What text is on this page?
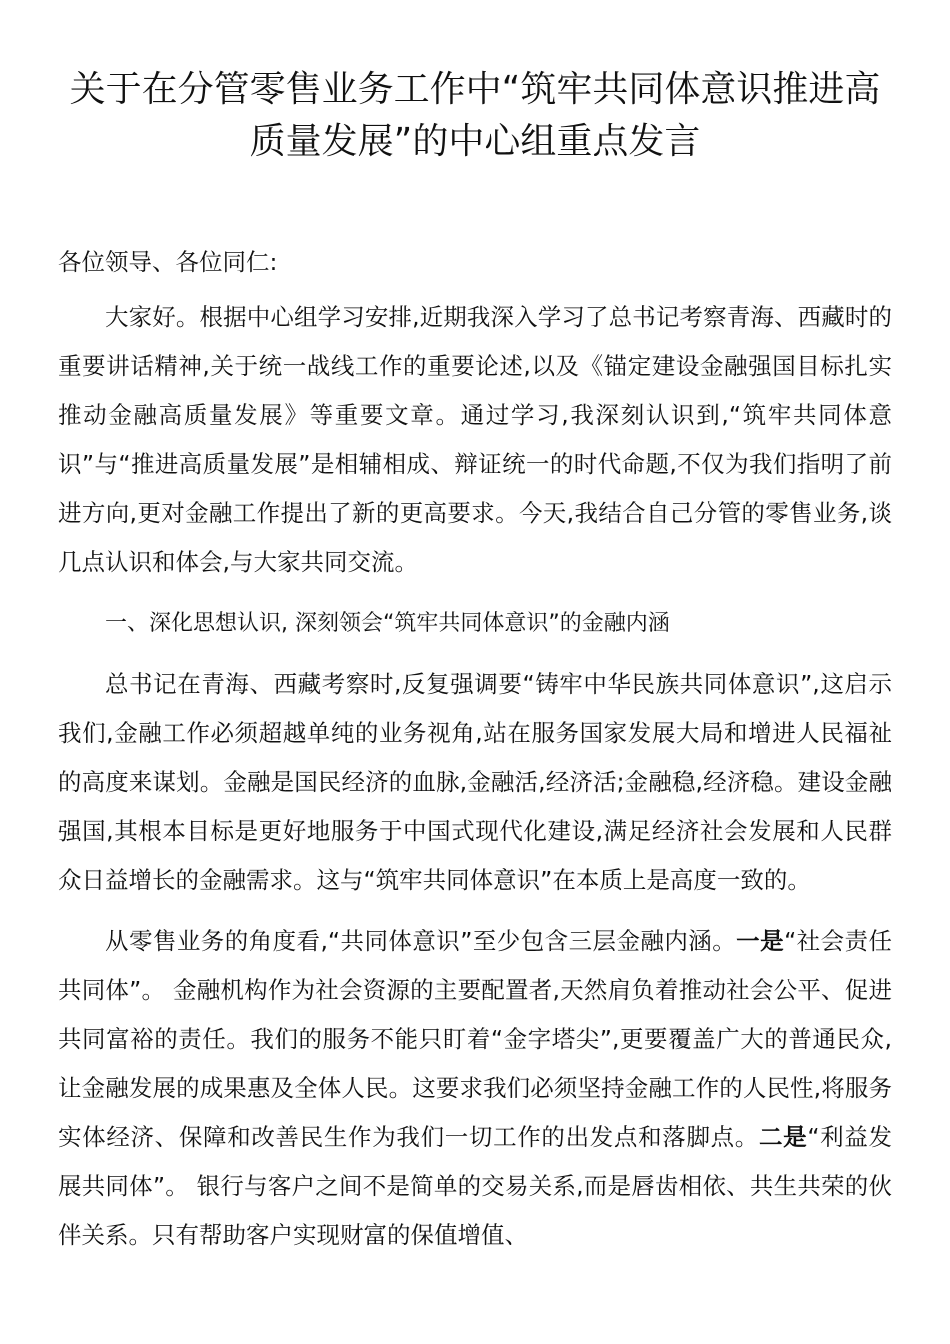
关于在分管零售业务工作中“筑牢共同体意识推进高质量发展”的中心组重点发言

各位领导、各位同仁:

大家好。根据中心组学习安排,近期我深入学习了总书记考察青海、西藏时的重要讲话精神,关于统一战线工作的重要论述,以及《锚定建设金融强国目标扎实推动金融高质量发展》等重要文章。通过学习,我深刻认识到,“筑牢共同体意识”与“推进高质量发展”是相辅相成、辩证统一的时代命题,不仅为我们指明了前进方向,更对金融工作提出了新的更高要求。今天,我结合自己分管的零售业务,谈几点认识和体会,与大家共同交流。

一、深化思想认识, 深刻领会“筑牢共同体意识”的金融内涵

总书记在青海、西藏考察时,反复强调要“铸牢中华民族共同体意识”,这启示我们,金融工作必须超越单纯的业务视角,站在服务国家发展大局和增进人民福祉的高度来谋划。金融是国民经济的血脉,金融活,经济活;金融稳,经济稳。建设金融强国,其根本目标是更好地服务于中国式现代化建设,满足经济社会发展和人民群众日益增长的金融需求。这与“筑牢共同体意识”在本质上是高度一致的。

从零售业务的角度看,“共同体意识”至少包含三层金融内涵。一是“社会责任共同体”。 金融机构作为社会资源的主要配置者,天然肩负着推动社会公平、促进共同富裕的责任。我们的服务不能只盯着“金字塔尖”,更要覆盖广大的普通民众,让金融发展的成果惠及全体人民。这要求我们必须坚持金融工作的人民性,将服务实体经济、保障和改善民生作为我们一切工作的出发点和落脚点。二是“利益发展共同体”。 银行与客户之间不是简单的交易关系,而是唇齿相依、共生共荣的伙伴关系。只有帮助客户实现财富的保值增值、
